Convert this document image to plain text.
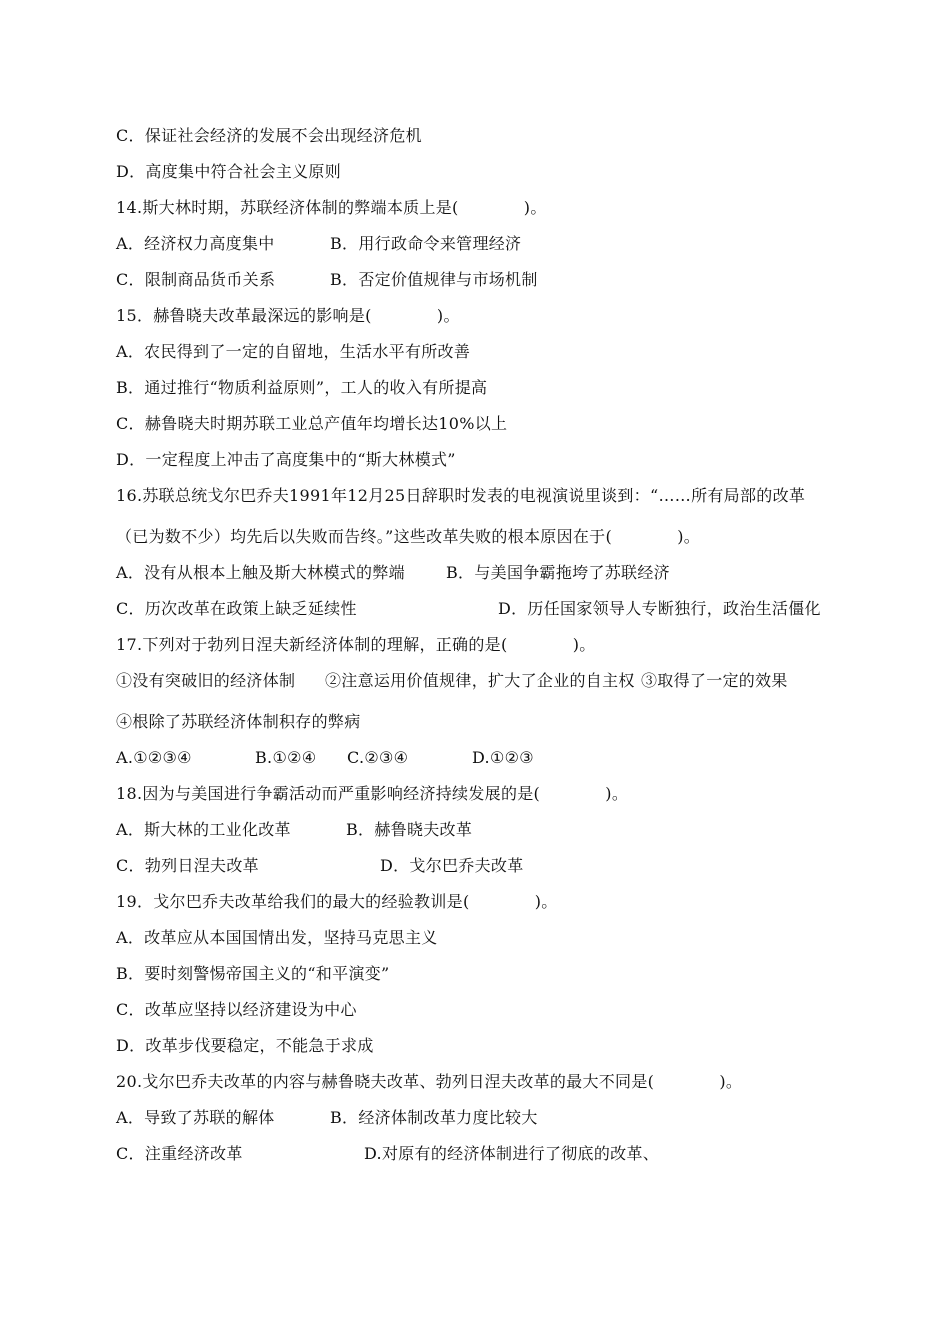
C．保证社会经济的发展不会出现经济危机
D．高度集中符合社会主义原则
14.斯大林时期，苏联经济体制的弊端本质上是(　　　　)。
A．经济权力高度集中	B．用行政命令来管理经济
C．限制商品货币关系	B．否定价值规律与市场机制
15．赫鲁晓夫改革最深远的影响是(　　　　)。
A．农民得到了一定的自留地，生活水平有所改善
B．通过推行“物质利益原则”，工人的收入有所提高
C．赫鲁晓夫时期苏联工业总产值年均增长达10%以上
D．一定程度上冲击了高度集中的“斯大林模式”
16.苏联总统戈尔巴乔夫1991年12月25日辞职时发表的电视演说里谈到：“……所有局部的改革
（已为数不少）均先后以失败而告终。”这些改革失败的根本原因在于(　　　　)。
A．没有从根本上触及斯大林模式的弊端	B．与美国争霸拖垮了苏联经济
C．历次改革在政策上缺乏延续性	D．历任国家领导人专断独行，政治生活僵化
17.下列对于勃列日涅夫新经济体制的理解，正确的是(　　　　)。
①没有突破旧的经济体制 ②注意运用价值规律，扩大了企业的自主权 ③取得了一定的效果
④根除了苏联经济体制积存的弊病
A.①②③④	B.①②④ C.②③④	D.①②③
18.因为与美国进行争霸活动而严重影响经济持续发展的是(　　　　)。
A．斯大林的工业化改革	B．赫鲁晓夫改革
C．勃列日涅夫改革	D．戈尔巴乔夫改革
19．戈尔巴乔夫改革给我们的最大的经验教训是(　　　　)。
A．改革应从本国国情出发，坚持马克思主义
B．要时刻警惕帝国主义的“和平演变”
C．改革应坚持以经济建设为中心
D．改革步伐要稳定，不能急于求成
20.戈尔巴乔夫改革的内容与赫鲁晓夫改革、勃列日涅夫改革的最大不同是(　　　　)。
A．导致了苏联的解体	B．经济体制改革力度比较大
C．注重经济改革	D.对原有的经济体制进行了彻底的改革、
